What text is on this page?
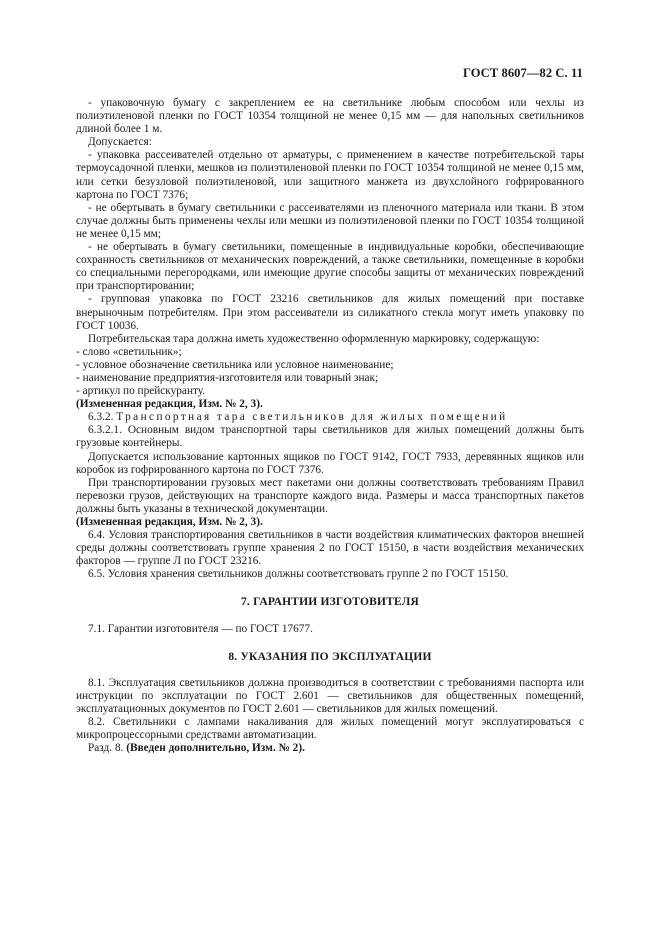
ГОСТ 8607—82 С. 11

- упаковочную бумагу с закреплением ее на светильнике любым способом или чехлы из полиэтиленовой пленки по ГОСТ 10354 толщиной не менее 0,15 мм — для напольных светильников длиной более 1 м.

Допускается:

- упаковка рассеивателей отдельно от арматуры, с применением в качестве потребительской тары термоусадочной пленки, мешков из полиэтиленовой пленки по ГОСТ 10354 толщиной не менее 0,15 мм, или сетки безузловой полиэтиленовой, или защитного манжета из двухслойного гофрированного картона по ГОСТ 7376;

- не обертывать в бумагу светильники с рассеивателями из пленочного материала или ткани. В этом случае должны быть применены чехлы или мешки из полиэтиленовой пленки по ГОСТ 10354 толщиной не менее 0,15 мм;

- не обертывать в бумагу светильники, помещенные в индивидуальные коробки, обеспечивающие сохранность светильников от механических повреждений, а также светильники, помещенные в коробки со специальными перегородками, или имеющие другие способы защиты от механических повреждений при транспортировании;

- групповая упаковка по ГОСТ 23216 светильников для жилых помещений при поставке внерыночным потребителям. При этом рассеиватели из силикатного стекла могут иметь упаковку по ГОСТ 10036.

Потребительская тара должна иметь художественно оформленную маркировку, содержащую:

- слово «светильник»;

- условное обозначение светильника или условное наименование;

- наименование предприятия-изготовителя или товарный знак;

- артикул по прейскуранту.

(Измененная редакция, Изм. № 2, 3).

6.3.2. Транспортная тара светильников для жилых помещений

6.3.2.1. Основным видом транспортной тары светильников для жилых помещений должны быть грузовые контейнеры.

Допускается использование картонных ящиков по ГОСТ 9142, ГОСТ 7933, деревянных ящиков или коробок из гофрированного картона по ГОСТ 7376.

При транспортировании грузовых мест пакетами они должны соответствовать требованиям Правил перевозки грузов, действующих на транспорте каждого вида. Размеры и масса транспортных пакетов должны быть указаны в технической документации.

(Измененная редакция, Изм. № 2, 3).

6.4. Условия транспортирования светильников в части воздействия климатических факторов внешней среды должны соответствовать группе хранения 2 по ГОСТ 15150, в части воздействия механических факторов — группе Л по ГОСТ 23216.

6.5. Условия хранения светильников должны соответствовать группе 2 по ГОСТ 15150.

7. ГАРАНТИИ ИЗГОТОВИТЕЛЯ

7.1. Гарантии изготовителя — по ГОСТ 17677.

8. УКАЗАНИЯ ПО ЭКСПЛУАТАЦИИ

8.1. Эксплуатация светильников должна производиться в соответствии с требованиями паспорта или инструкции по эксплуатации по ГОСТ 2.601 — светильников для общественных помещений, эксплуатационных документов по ГОСТ 2.601 — светильников для жилых помещений.

8.2. Светильники с лампами накаливания для жилых помещений могут эксплуатироваться с микропроцессорными средствами автоматизации.

Разд. 8. (Введен дополнительно, Изм. № 2).
